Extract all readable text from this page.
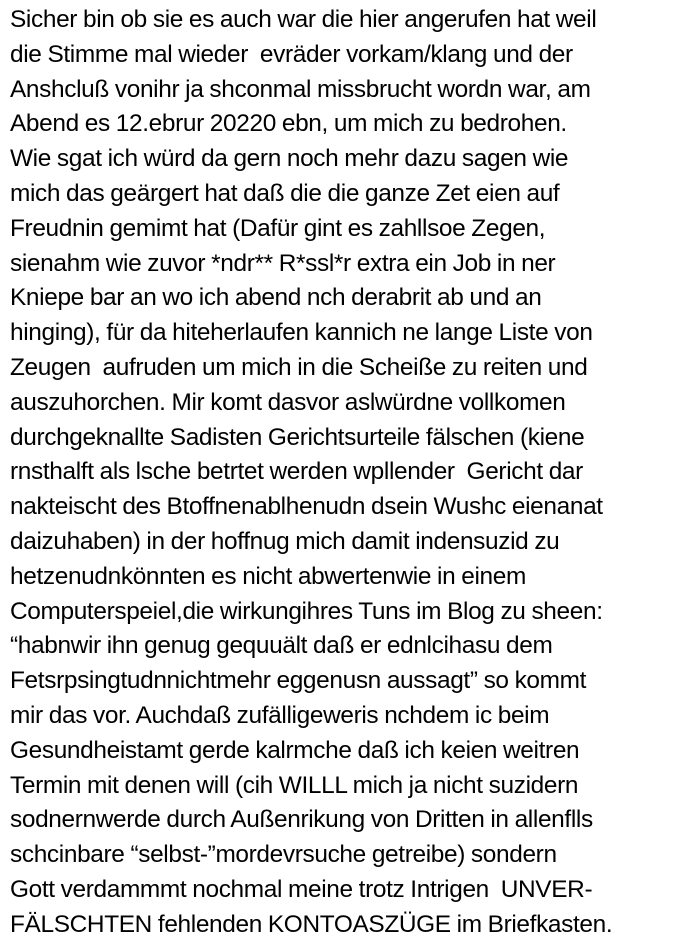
Sicher bin ob sie es auch war die hier angerufen hat weil
die Stimme mal wieder  evräder vorkam/klang und der
Anshcluß vonihr ja shconmal missbrucht wordn war, am
Abend es 12.ebrur 20220 ebn, um mich zu bedrohen.
Wie sgat ich würd da gern noch mehr dazu sagen wie
mich das geärgert hat daß die die ganze Zet eien auf
Freudnin gemimt hat (Dafür gint es zahllsoe Zegen,
sienahm wie zuvor *ndr** R*ssl*r extra ein Job in ner
Kniepe bar an wo ich abend nch derabrit ab und an
hinging), für da hiteherlaufen kannich ne lange Liste von
Zeugen  aufruden um mich in die Scheiße zu reiten und
auszuhorchen. Mir komt dasvor aslwürdne vollkomen
durchgeknallte Sadisten Gerichtsurteile fälschen (kiene
rnsthalft als lsche betrtet werden wpllender  Gericht dar
nakteischt des Btoffnenablhenudn dsein Wushc eienanat
daizuhaben) in der hoffnug mich damit indensuzid zu
hetzenudnkönnten es nicht abwertenwie in einem
Computerspeiel,die wirkungihres Tuns im Blog zu sheen:
“habnwir ihn genug gequuält daß er ednlcihasu dem
Fetsrpsingtudnnichtmehr eggenusn aussagt” so kommt
mir das vor. Auchdaß zufälligeweris nchdem ic beim
Gesundheistamt gerde kalrmche daß ich keien weitren
Termin mit denen will (cih WILLL mich ja nicht suzidern
sodnernwerde durch Außenrikung von Dritten in allenflls
schcinbare “selbst-”mordevrsuche getreibe) sondern
Gott verdammmt nochmal meine trotz Intrigen  UNVER-
FÄLSCHTEN fehlenden KONTOASZÜGE im Briefkasten.
